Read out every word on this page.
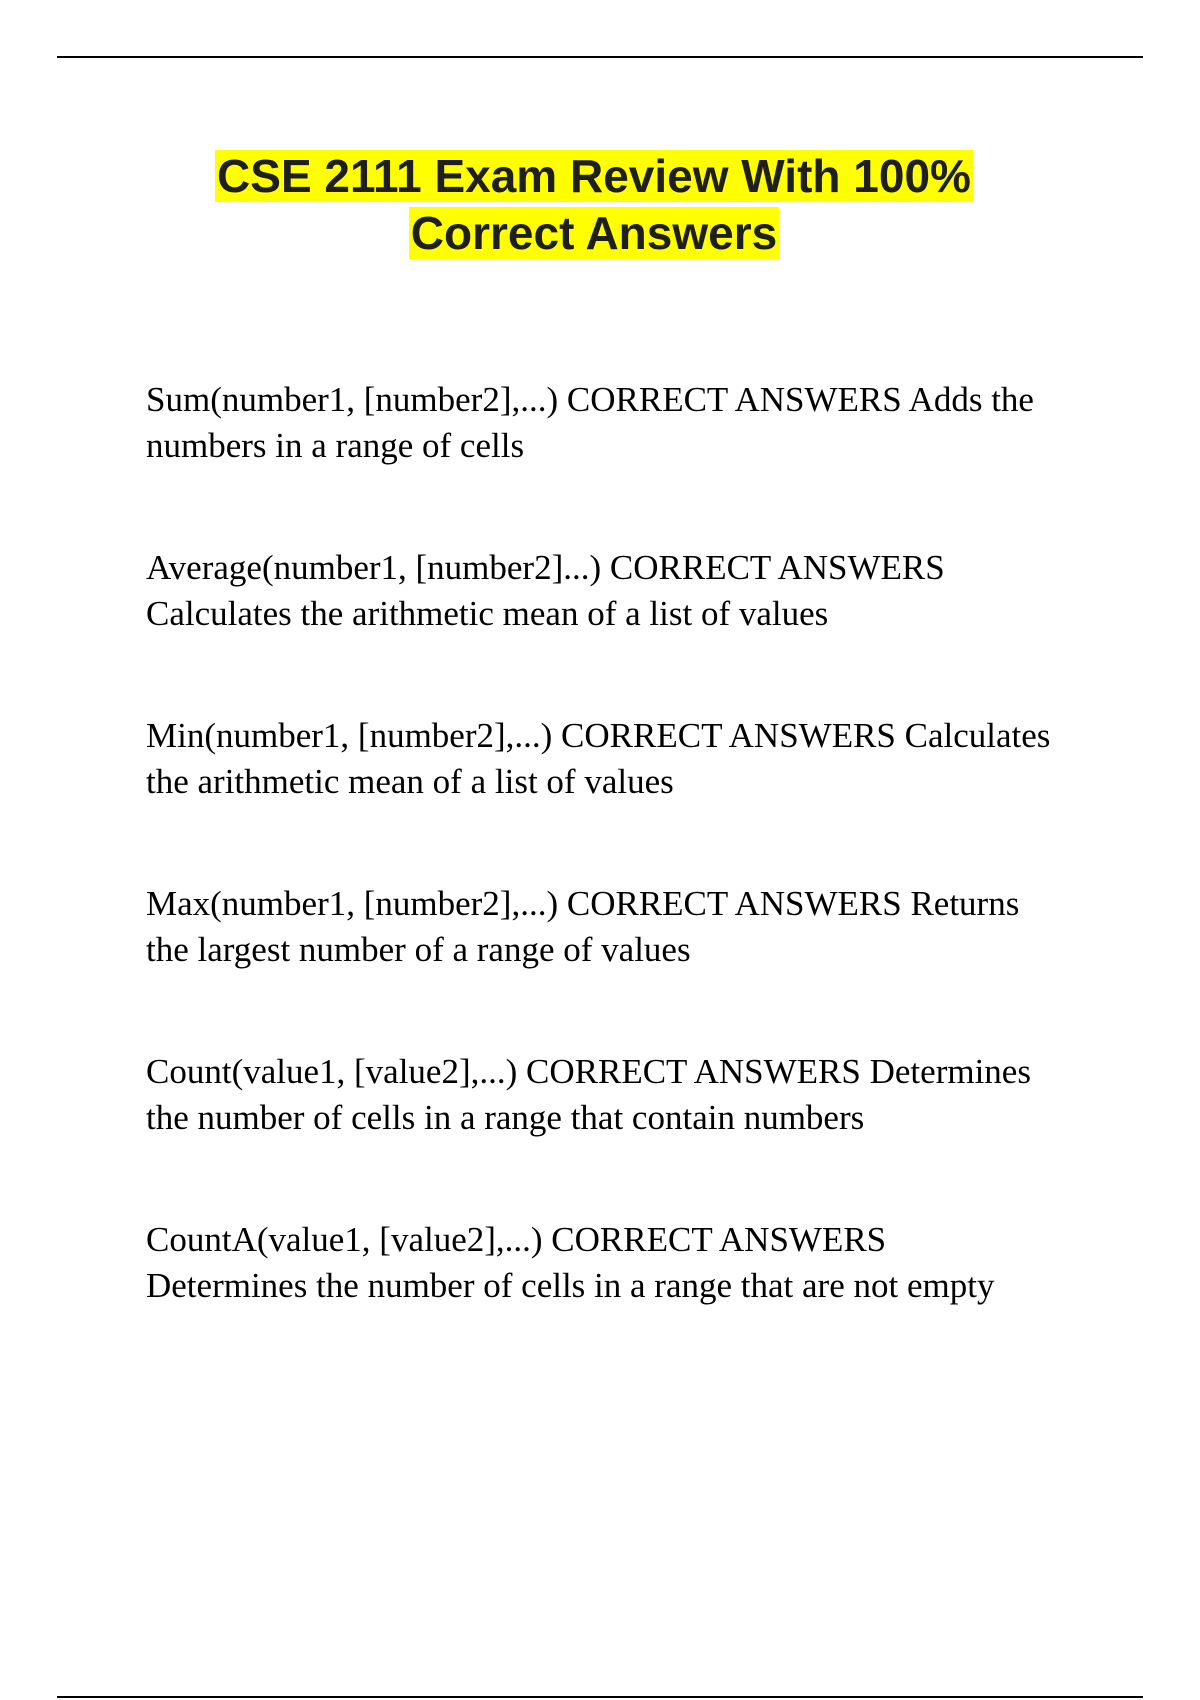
CSE 2111 Exam Review With 100%
Correct Answers
Sum(number1, [number2],...) CORRECT ANSWERS Adds the
numbers in a range of cells
Average(number1, [number2]...) CORRECT ANSWERS
Calculates the arithmetic mean of a list of values
Min(number1, [number2],...) CORRECT ANSWERS Calculates
the arithmetic mean of a list of values
Max(number1, [number2],...) CORRECT ANSWERS Returns
the largest number of a range of values
Count(value1, [value2],...) CORRECT ANSWERS Determines
the number of cells in a range that contain numbers
CountA(value1, [value2],...) CORRECT ANSWERS
Determines the number of cells in a range that are not empty
